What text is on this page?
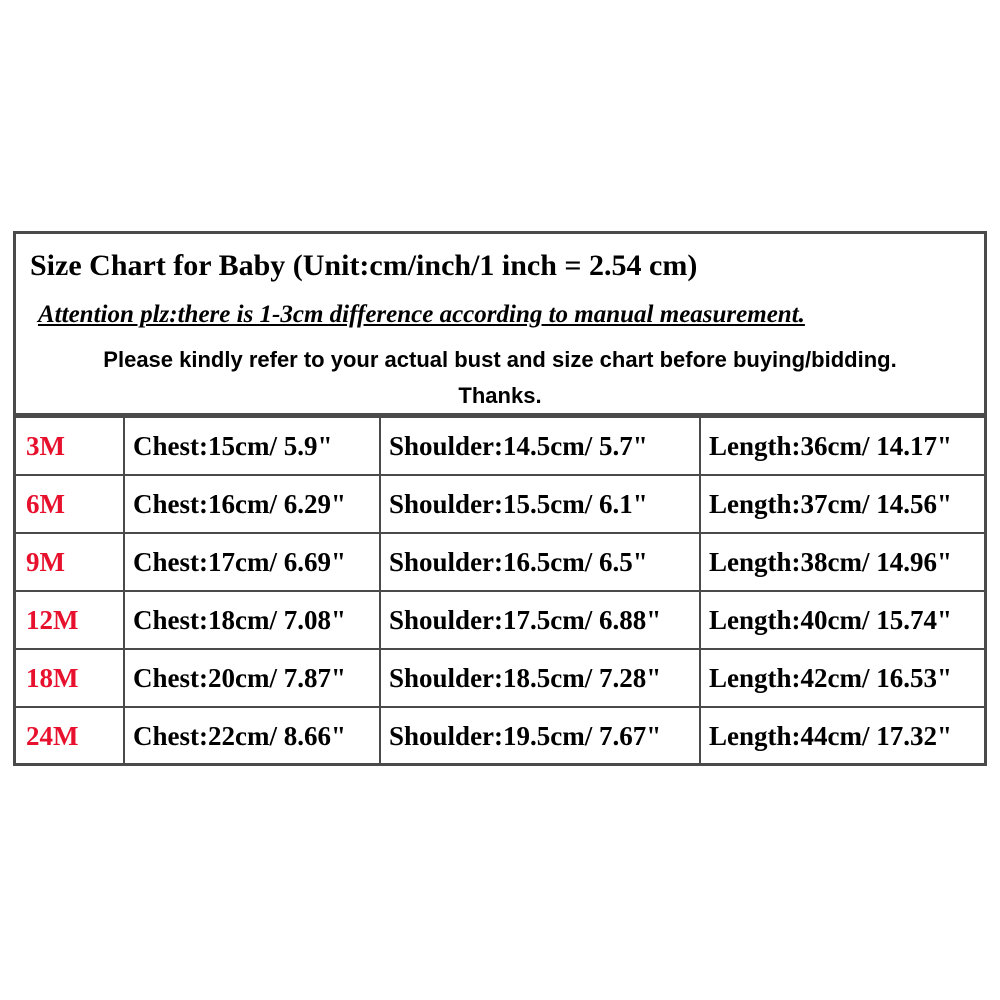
Size Chart for Baby (Unit:cm/inch/1 inch = 2.54 cm)
Attention plz:there is 1-3cm difference according to manual measurement.
Please kindly refer to your actual bust and size chart before buying/bidding.
Thanks.
3M	Chest:15cm/ 5.9"	Shoulder:14.5cm/ 5.7"	Length:36cm/ 14.17"
6M	Chest:16cm/ 6.29"	Shoulder:15.5cm/ 6.1"	Length:37cm/ 14.56"
9M	Chest:17cm/ 6.69"	Shoulder:16.5cm/ 6.5"	Length:38cm/ 14.96"
12M	Chest:18cm/ 7.08"	Shoulder:17.5cm/ 6.88"	Length:40cm/ 15.74"
18M	Chest:20cm/ 7.87"	Shoulder:18.5cm/ 7.28"	Length:42cm/ 16.53"
24M	Chest:22cm/ 8.66"	Shoulder:19.5cm/ 7.67"	Length:44cm/ 17.32"
